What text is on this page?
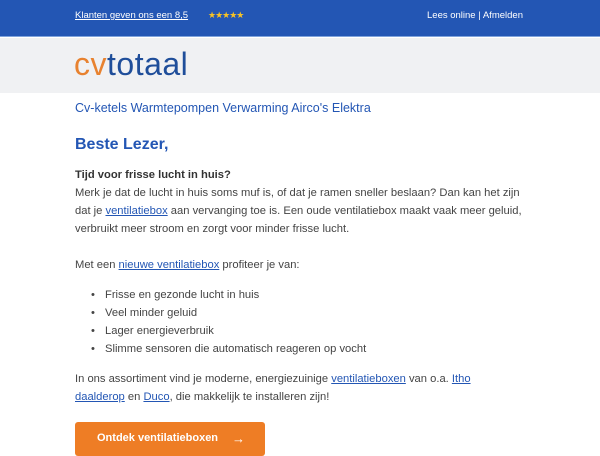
Klanten geven ons een 8,5 ★★★★★	Lees online | Afmelden
cvtotaal
Cv-ketels Warmtepompen Verwarming Airco's Elektra
Beste Lezer,
Tijd voor frisse lucht in huis?
Merk je dat de lucht in huis soms muf is, of dat je ramen sneller beslaan? Dan kan het zijn
dat je ventilatiebox aan vervanging toe is. Een oude ventilatiebox maakt vaak meer geluid,
verbruikt meer stroom en zorgt voor minder frisse lucht.
Met een nieuwe ventilatiebox profiteer je van:
• Frisse en gezonde lucht in huis
• Veel minder geluid
• Lager energieverbruik
• Slimme sensoren die automatisch reageren op vocht
In ons assortiment vind je moderne, energiezuinige ventilatieboxen van o.a. Itho
daalderop en Duco, die makkelijk te installeren zijn!
Ontdek ventilatieboxen →
